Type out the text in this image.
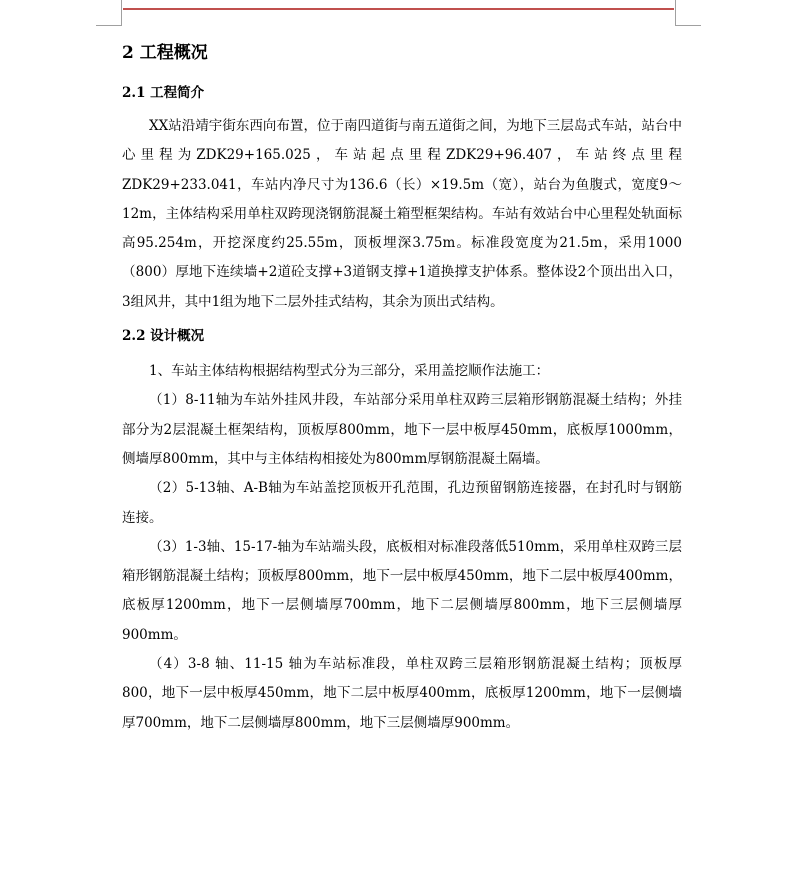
2 工程概况
2.1 工程简介

XX站沿靖宇街东西向布置，位于南四道街与南五道街之间，为地下三层岛式车站，站台中心里程为ZDK29+165.025，车站起点里程ZDK29+96.407，车站终点里程ZDK29+233.041，车站内净尺寸为136.6（长）×19.5m（宽），站台为鱼腹式，宽度9～12m，主体结构采用单柱双跨现浇钢筋混凝土箱型框架结构。车站有效站台中心里程处轨面标高95.254m，开挖深度约25.55m，顶板埋深3.75m。标准段宽度为21.5m，采用1000（800）厚地下连续墙+2道砼支撑+3道钢支撑+1道换撑支护体系。整体设2个顶出出入口，3组风井，其中1组为地下二层外挂式结构，其余为顶出式结构。

2.2 设计概况

1、车站主体结构根据结构型式分为三部分，采用盖挖顺作法施工：

（1）8-11轴为车站外挂风井段，车站部分采用单柱双跨三层箱形钢筋混凝土结构；外挂部分为2层混凝土框架结构，顶板厚800mm，地下一层中板厚450mm，底板厚1000mm，侧墙厚800mm，其中与主体结构相接处为800mm厚钢筋混凝土隔墙。

（2）5-13轴、A-B轴为车站盖挖顶板开孔范围，孔边预留钢筋连接器，在封孔时与钢筋连接。

（3）1-3轴、15-17-轴为车站端头段，底板相对标准段落低510mm，采用单柱双跨三层箱形钢筋混凝土结构；顶板厚800mm，地下一层中板厚450mm，地下二层中板厚400mm，底板厚1200mm，地下一层侧墙厚700mm，地下二层侧墙厚800mm，地下三层侧墙厚900mm。

（4）3-8 轴、11-15 轴为车站标准段，单柱双跨三层箱形钢筋混凝土结构；顶板厚800，地下一层中板厚450mm，地下二层中板厚400mm，底板厚1200mm，地下一层侧墙厚700mm，地下二层侧墙厚800mm，地下三层侧墙厚900mm。
